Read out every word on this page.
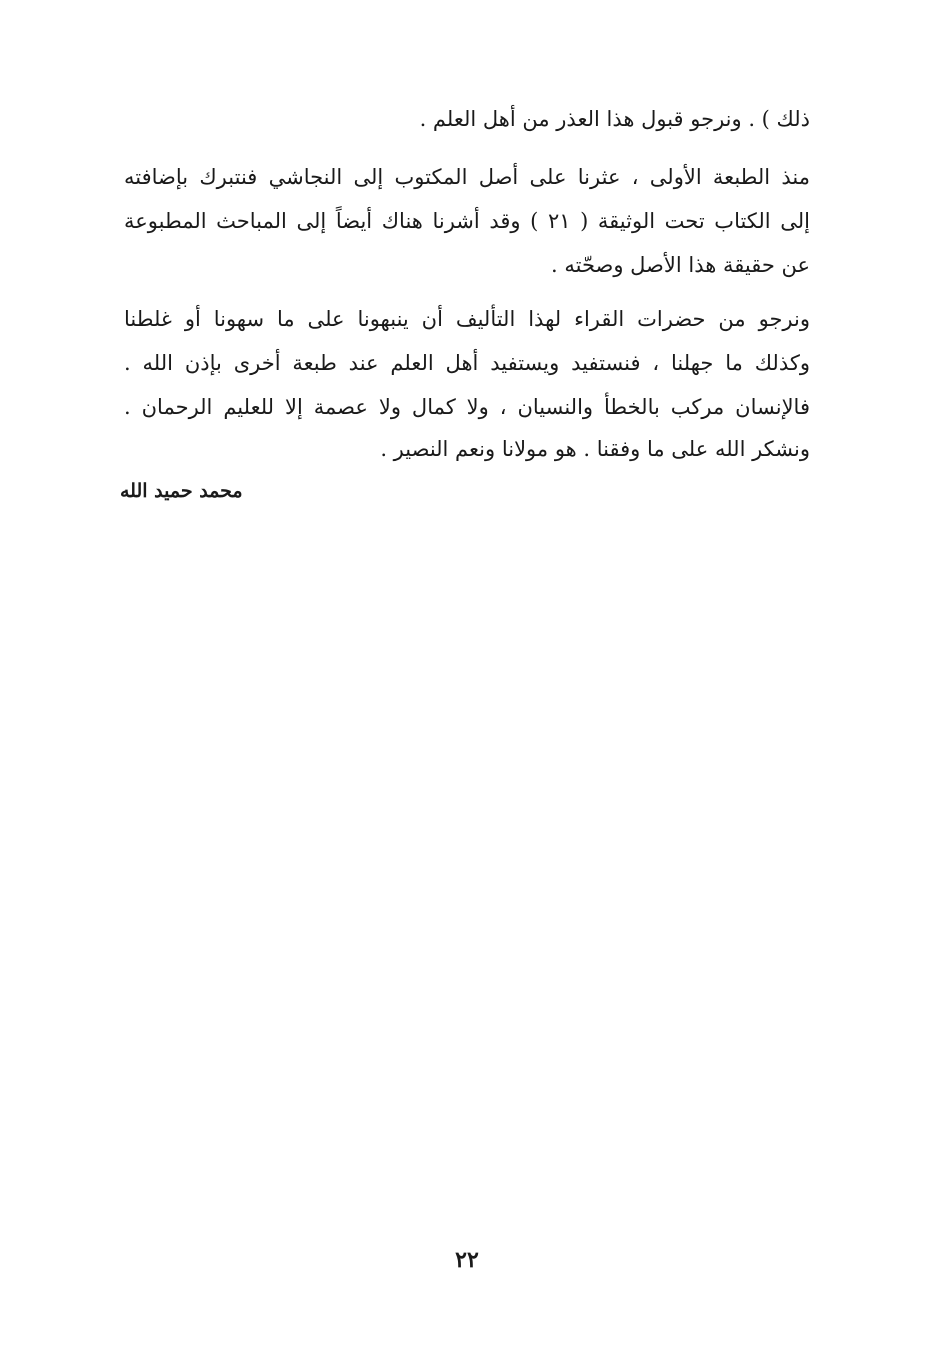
ذلك ) . ونرجو قبول هذا العذر من أهل العلم .
منذ الطبعة الأولى ، عثرنا على أصل المكتوب إلى النجاشي فنتبرك بإضافته
إلى الكتاب تحت الوثيقة ( ٢١ ) وقد أشرنا هناك أيضاً إلى المباحث المطبوعة
عن حقيقة هذا الأصل وصحّته .
ونرجو من حضرات القراء لهذا التأليف أن ينبهونا على ما سهونا أو غلطنا
وكذلك ما جهلنا ، فنستفيد ويستفيد أهل العلم عند طبعة أخرى بإذن الله .
فالإنسان مركب بالخطأ والنسيان ، ولا كمال ولا عصمة إلا للعليم الرحمان .
ونشكر الله على ما وفقنا . هو مولانا ونعم النصير .
محمد حميد الله
٢٢
